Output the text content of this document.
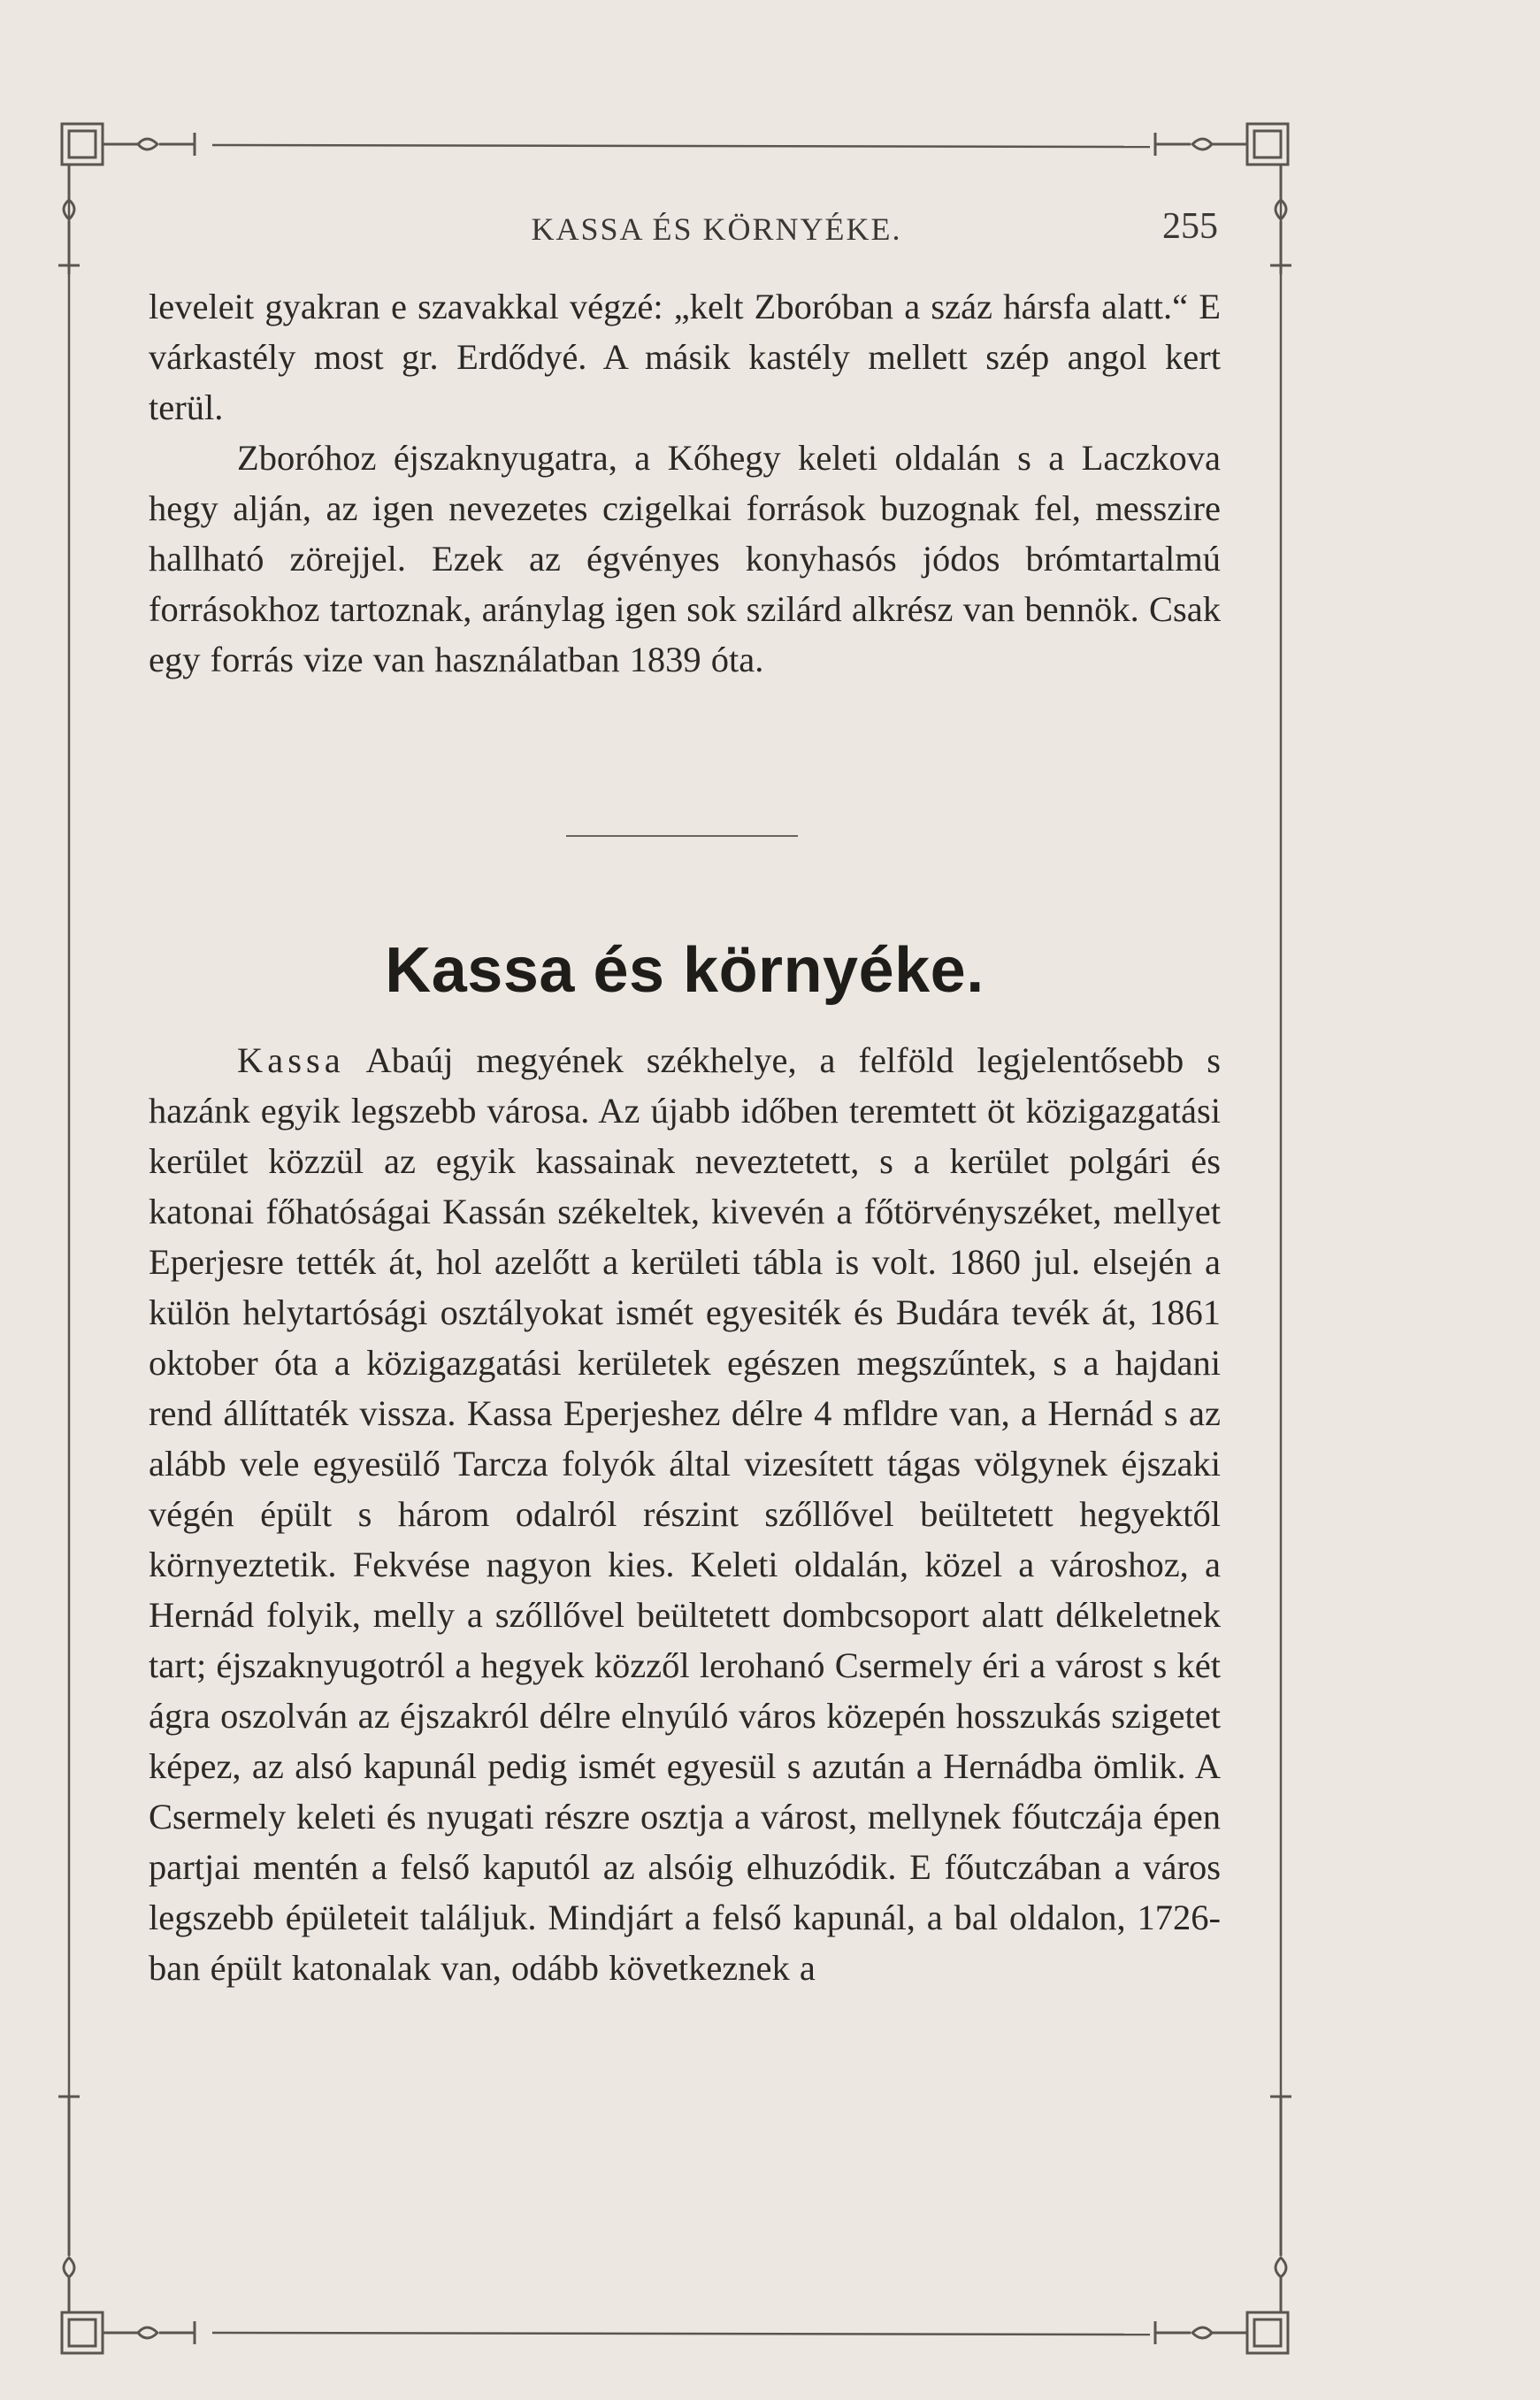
KASSA ÉS KÖRNYÉKE.	255

leveleit gyakran e szavakkal végzé: „kelt Zboróban a száz hársfa alatt.“ E várkastély most gr. Erdődyé. A másik kastély mellett szép angol kert terül.

Zboróhoz éjszaknyugatra, a Kőhegy keleti oldalán s a Laczkova hegy alján, az igen nevezetes czigelkai források buzognak fel, messzire hallható zörejjel. Ezek az égvényes konyhasós jódos brómtartalmú forrásokhoz tartoznak, aránylag igen sok szilárd alkrész van bennök. Csak egy forrás vize van használatban 1839 óta.

Kassa és környéke.

Kassa Abaúj megyének székhelye, a felföld legjelentősebb s hazánk egyik legszebb városa. Az újabb időben teremtett öt közigazgatási kerület közzül az egyik kassainak neveztetett, s a kerület polgári és katonai főhatóságai Kassán székeltek, kivevén a főtörvényszéket, mellyet Eperjesre tették át, hol azelőtt a kerületi tábla is volt. 1860 jul. elsején a külön helytartósági osztályokat ismét egyesiték és Budára tevék át, 1861 oktober óta a közigazgatási kerületek egészen megszűntek, s a hajdani rend állíttaték vissza. Kassa Eperjeshez délre 4 mfldre van, a Hernád s az alább vele egyesülő Tarcza folyók által vizesített tágas völgynek éjszaki végén épült s három odalról részint szőllővel beültetett hegyektől környeztetik. Fekvése nagyon kies. Keleti oldalán, közel a városhoz, a Hernád folyik, melly a szőllővel beültetett dombcsoport alatt délkeletnek tart; éjszaknyugotról a hegyek közzől lerohanó Csermely éri a várost s két ágra oszolván az éjszakról délre elnyúló város közepén hosszukás szigetet képez, az alsó kapunál pedig ismét egyesül s azután a Hernádba ömlik. A Csermely keleti és nyugati részre osztja a várost, mellynek főutczája épen partjai mentén a felső kaputól az alsóig elhuzódik. E főutczában a város legszebb épületeit találjuk. Mindjárt a felső kapunál, a bal oldalon, 1726-ban épült katonalak van, odább következnek a
